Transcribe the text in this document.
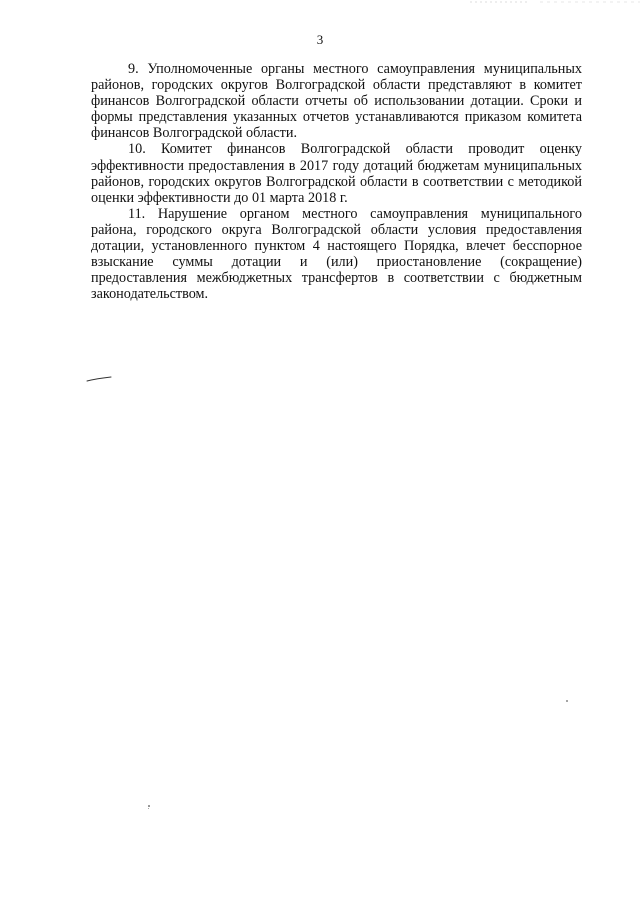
3

9. Уполномоченные органы местного самоуправления муниципальных районов, городских округов Волгоградской области представляют в комитет финансов Волгоградской области отчеты об использовании дотации. Сроки и формы представления указанных отчетов устанавливаются приказом комитета финансов Волгоградской области.

10. Комитет финансов Волгоградской области проводит оценку эффективности предоставления в 2017 году дотаций бюджетам муниципальных районов, городских округов Волгоградской области в соответствии с методикой оценки эффективности до 01 марта 2018 г.

11. Нарушение органом местного самоуправления муниципального района, городского округа Волгоградской области условия предоставления дотации, установленного пунктом 4 настоящего Порядка, влечет бесспорное взыскание суммы дотации и (или) приостановление (сокращение) предоставления межбюджетных трансфертов в соответствии с бюджетным законодательством.
